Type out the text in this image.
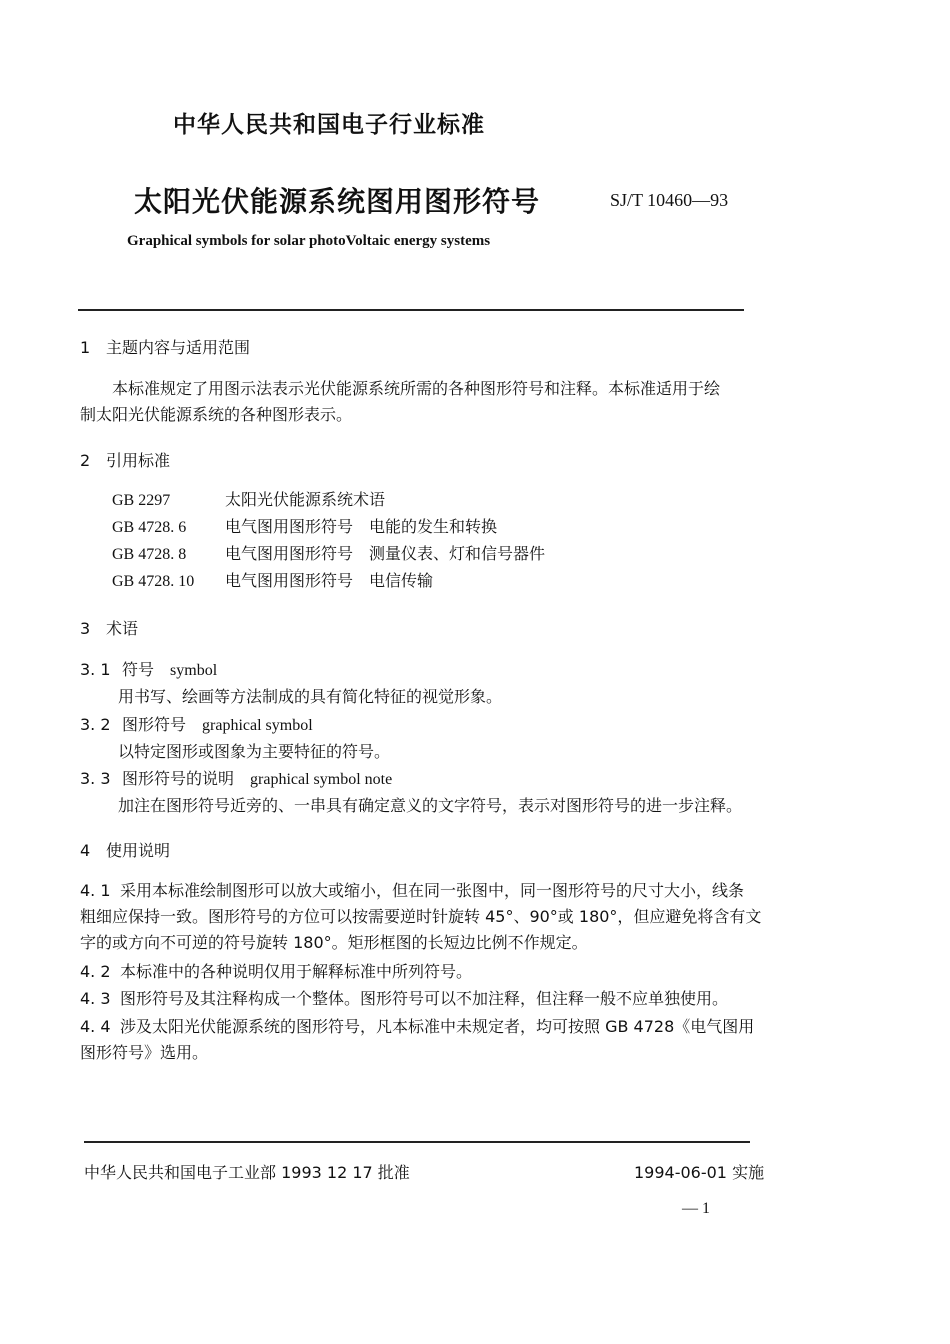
中华人民共和国电子行业标准
太阳光伏能源系统图用图形符号	SJ/T 10460—93
Graphical symbols for solar photoVoltaic energy systems
1 主题内容与适用范围
本标准规定了用图示法表示光伏能源系统所需的各种图形符号和注释。本标准适用于绘
制太阳光伏能源系统的各种图形表示。
2 引用标准
GB 2297	太阳光伏能源系统术语
GB 4728. 6 电气图用图形符号 电能的发生和转换
GB 4728. 8 电气图用图形符号 测量仪表、灯和信号器件
GB 4728. 10 电气图用图形符号 电信传输
3 术语
3. 1 符号 symbol
用书写、绘画等方法制成的具有简化特征的视觉形象。
3. 2 图形符号 graphical symbol
以特定图形或图象为主要特征的符号。
3. 3 图形符号的说明 graphical symbol note
加注在图形符号近旁的、一串具有确定意义的文字符号，表示对图形符号的进一步注释。
4 使用说明
4. 1 采用本标准绘制图形可以放大或缩小，但在同一张图中，同一图形符号的尺寸大小，线条
粗细应保持一致。图形符号的方位可以按需要逆时针旋转 45°、90°或 180°，但应避免将含有文
字的或方向不可逆的符号旋转 180°。矩形框图的长短边比例不作规定。
4. 2 本标准中的各种说明仅用于解释标准中所列符号。
4. 3 图形符号及其注释构成一个整体。图形符号可以不加注释，但注释一般不应单独使用。
4. 4 涉及太阳光伏能源系统的图形符号，凡本标准中未规定者，均可按照 GB 4728《电气图用
图形符号》选用。
中华人民共和国电子工业部 1993 12 17 批准	1994-06-01 实施
— 1
